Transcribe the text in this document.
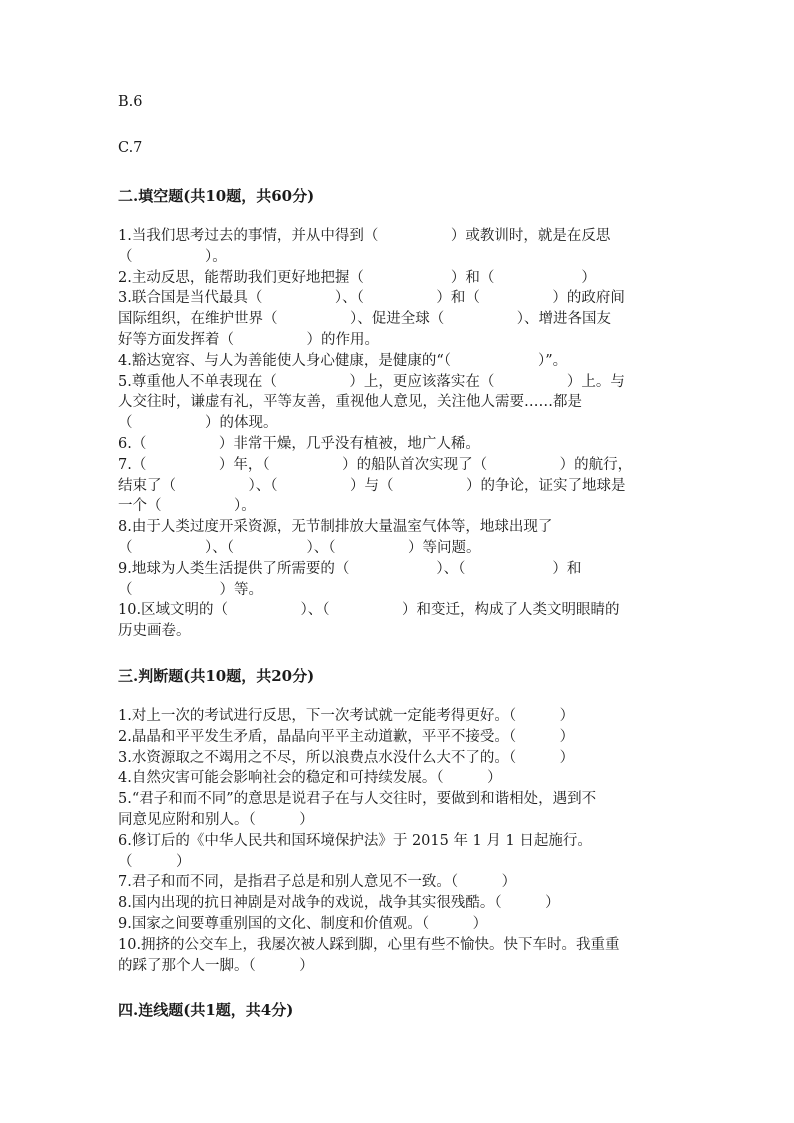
B.6

C.7

二.填空题(共10题，共60分)
1.当我们思考过去的事情，并从中得到（　　　　　）或教训时，就是在反思
（　　　　　）。
2.主动反思，能帮助我们更好地把握（　　　　　　）和（　　　　　　）
3.联合国是当代最具（　　　　　）、（　　　　　）和（　　　　　）的政府间
国际组织，在维护世界（　　　　　）、促进全球（　　　　　）、增进各国友
好等方面发挥着（　　　　　）的作用。
4.豁达宽容、与人为善能使人身心健康，是健康的“（　　　　　　）”。
5.尊重他人不单表现在（　　　　　）上，更应该落实在（　　　　　）上。与
人交往时，谦虚有礼，平等友善，重视他人意见，关注他人需要……都是
（　　　　　）的体现。
6.（　　　　　）非常干燥，几乎没有植被，地广人稀。
7.（　　　　　）年，（　　　　　）的船队首次实现了（　　　　　）的航行，
结束了（　　　　　）、（　　　　　）与（　　　　　）的争论，证实了地球是
一个（　　　　　）。
8.由于人类过度开采资源，无节制排放大量温室气体等，地球出现了
（　　　　　）、（　　　　　）、（　　　　　）等问题。
9.地球为人类生活提供了所需要的（　　　　　　）、（　　　　　　）和
（　　　　　　）等。
10.区域文明的（　　　　　）、（　　　　　）和变迁，构成了人类文明眼睛的
历史画卷。
三.判断题(共10题，共20分)
1.对上一次的考试进行反思，下一次考试就一定能考得更好。（　　　）
2.晶晶和平平发生矛盾，晶晶向平平主动道歉，平平不接受。（　　　）
3.水资源取之不竭用之不尽，所以浪费点水没什么大不了的。（　　　）
4.自然灾害可能会影响社会的稳定和可持续发展。（　　　）
5.“君子和而不同”的意思是说君子在与人交往时，要做到和谐相处，遇到不
同意见应附和别人。（　　　）
6.修订后的《中华人民共和国环境保护法》于 2015 年 1 月 1 日起施行。
（　　　）
7.君子和而不同，是指君子总是和别人意见不一致。（　　　）
8.国内出现的抗日神剧是对战争的戏说，战争其实很残酷。（　　　）
9.国家之间要尊重别国的文化、制度和价值观。（　　　）
10.拥挤的公交车上，我屡次被人踩到脚，心里有些不愉快。快下车时。我重重
的踩了那个人一脚。（　　　）
四.连线题(共1题，共4分)
